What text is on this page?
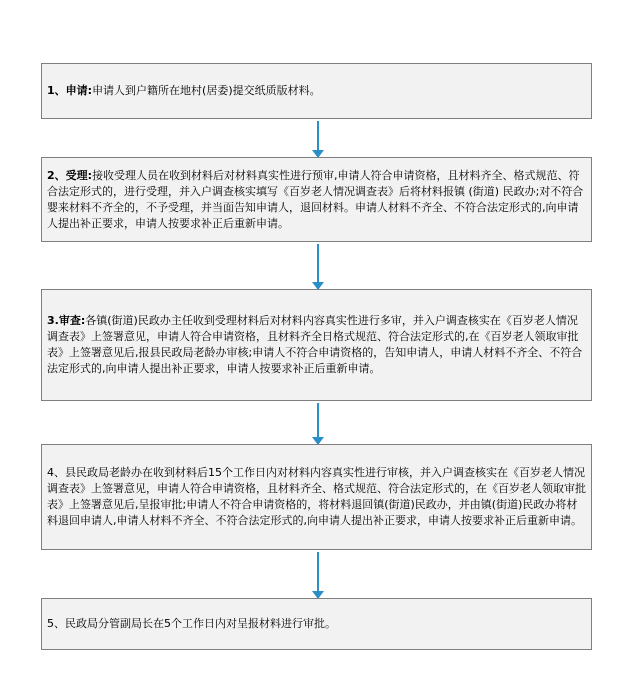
1、申请:申请人到户籍所在地村(居委)提交纸质版材料。
2、受理:接收受理人员在收到材料后对材料真实性进行预审,申请人符合申请资格，且材料齐全、格式规范、符合法定形式的，进行受理，并入户调查核实填写《百岁老人情况调查表》后将材料报镇 (街道) 民政办;对不符合婴来材料不齐全的，不予受理，并当面告知申请人，退回材料。申请人材料不齐全、不符合法定形式的,向申请人提出补正要求，申请人按要求补正后重新申请。
3.审查:各镇(街道)民政办主任收到受理材料后对材料内容真实性进行多审，并入户调查核实在《百岁老人情况调查表》上签署意见，申请人符合申请资格，且材料齐全日格式规范、符合法定形式的,在《百岁老人领取审批表》上签署意见后,报县民政局老龄办审核;申请人不符合申请资格的，告知申请人，申请人材料不齐全、不符合法定形式的,向申请人提出补正要求，申请人按要求补正后重新申请。
4、县民政局老龄办在收到材料后15个工作日内对材料内容真实性进行审核，并入户调查核实在《百岁老人情况调查表》上签署意见，申请人符合申请资格，且材料齐全、格式规范、符合法定形式的，在《百岁老人领取审批表》上签署意见后,呈报审批;申请人不符合申请资格的，将材料退回镇(街道)民政办，并由镇(街道)民政办将材料退回申请人,申请人材料不齐全、不符合法定形式的,向申请人提出补正要求，申请人按要求补正后重新申请。
5、民政局分管副局长在5个工作日内对呈报材料进行审批。
